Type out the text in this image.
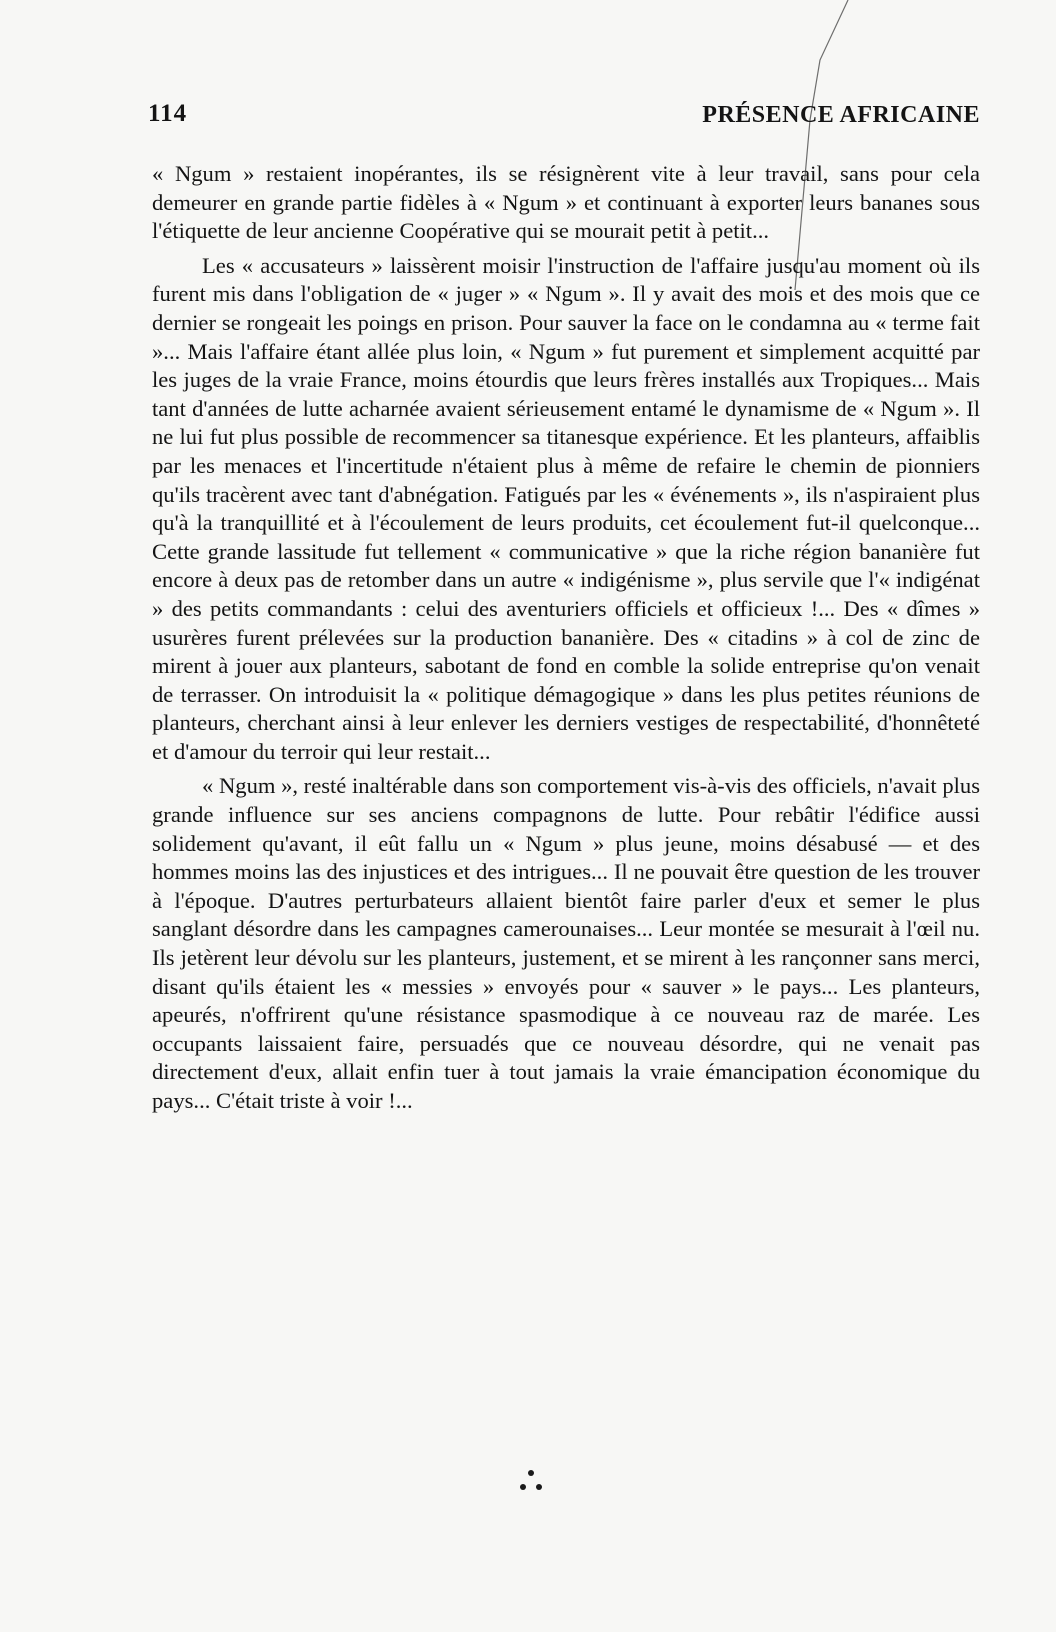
114	PRÉSENCE AFRICAINE

« Ngum » restaient inopérantes, ils se résignèrent vite à leur travail, sans pour cela demeurer en grande partie fidèles à « Ngum » et continuant à exporter leurs bananes sous l'étiquette de leur ancienne Coopérative qui se mourait petit à petit...

Les « accusateurs » laissèrent moisir l'instruction de l'affaire jusqu'au moment où ils furent mis dans l'obligation de « juger » « Ngum ». Il y avait des mois et des mois que ce dernier se rongeait les poings en prison. Pour sauver la face on le condamna au « terme fait »... Mais l'affaire étant allée plus loin, « Ngum » fut purement et simplement acquitté par les juges de la vraie France, moins étourdis que leurs frères installés aux Tropiques... Mais tant d'années de lutte acharnée avaient sérieusement entamé le dynamisme de « Ngum ». Il ne lui fut plus possible de recommencer sa titanesque expérience. Et les planteurs, affaiblis par les menaces et l'incertitude n'étaient plus à même de refaire le chemin de pionniers qu'ils tracèrent avec tant d'abnégation. Fatigués par les « événements », ils n'aspiraient plus qu'à la tranquillité et à l'écoulement de leurs produits, cet écoulement fut-il quelconque... Cette grande lassitude fut tellement « communicative » que la riche région bananière fut encore à deux pas de retomber dans un autre « indigénisme », plus servile que l'« indigénat » des petits commandants : celui des aventuriers officiels et officieux !... Des « dîmes » usurères furent prélevées sur la production bananière. Des « citadins » à col de zinc de mirent à jouer aux planteurs, sabotant de fond en comble la solide entreprise qu'on venait de terrasser. On introduisit la « politique démagogique » dans les plus petites réunions de planteurs, cherchant ainsi à leur enlever les derniers vestiges de respectabilité, d'honnêteté et d'amour du terroir qui leur restait...

« Ngum », resté inaltérable dans son comportement vis-à-vis des officiels, n'avait plus grande influence sur ses anciens compagnons de lutte. Pour rebâtir l'édifice aussi solidement qu'avant, il eût fallu un « Ngum » plus jeune, moins désabusé — et des hommes moins las des injustices et des intrigues... Il ne pouvait être question de les trouver à l'époque. D'autres perturbateurs allaient bientôt faire parler d'eux et semer le plus sanglant désordre dans les campagnes camerounaises... Leur montée se mesurait à l'œil nu. Ils jetèrent leur dévolu sur les planteurs, justement, et se mirent à les rançonner sans merci, disant qu'ils étaient les « messies » envoyés pour « sauver » le pays... Les planteurs, apeurés, n'offrirent qu'une résistance spasmodique à ce nouveau raz de marée. Les occupants laissaient faire, persuadés que ce nouveau désordre, qui ne venait pas directement d'eux, allait enfin tuer à tout jamais la vraie émancipation économique du pays... C'était triste à voir !...
